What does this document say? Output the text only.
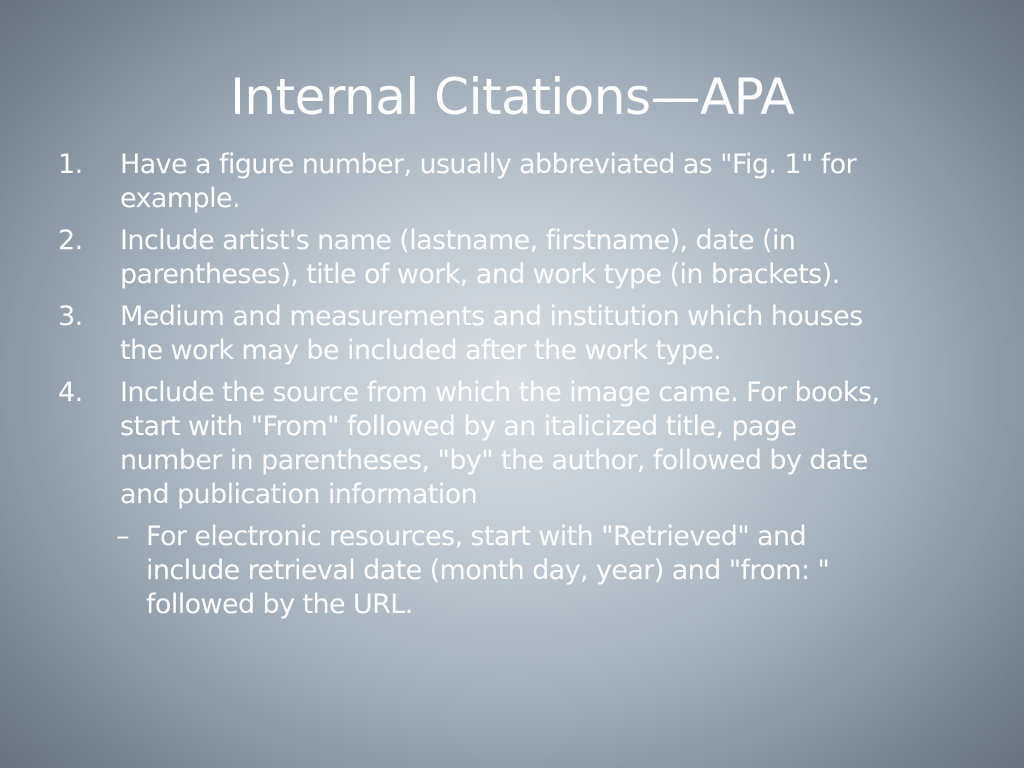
Internal Citations—APA
1. Have a figure number, usually abbreviated as "Fig. 1" for
example.
2. Include artist's name (lastname, firstname), date (in
parentheses), title of work, and work type (in brackets).
3. Medium and measurements and institution which houses
the work may be included after the work type.
4. Include the source from which the image came. For books,
start with "From" followed by an italicized title, page
number in parentheses, "by" the author, followed by date
and publication information
– For electronic resources, start with "Retrieved" and
include retrieval date (month day, year) and "from: "
followed by the URL.
